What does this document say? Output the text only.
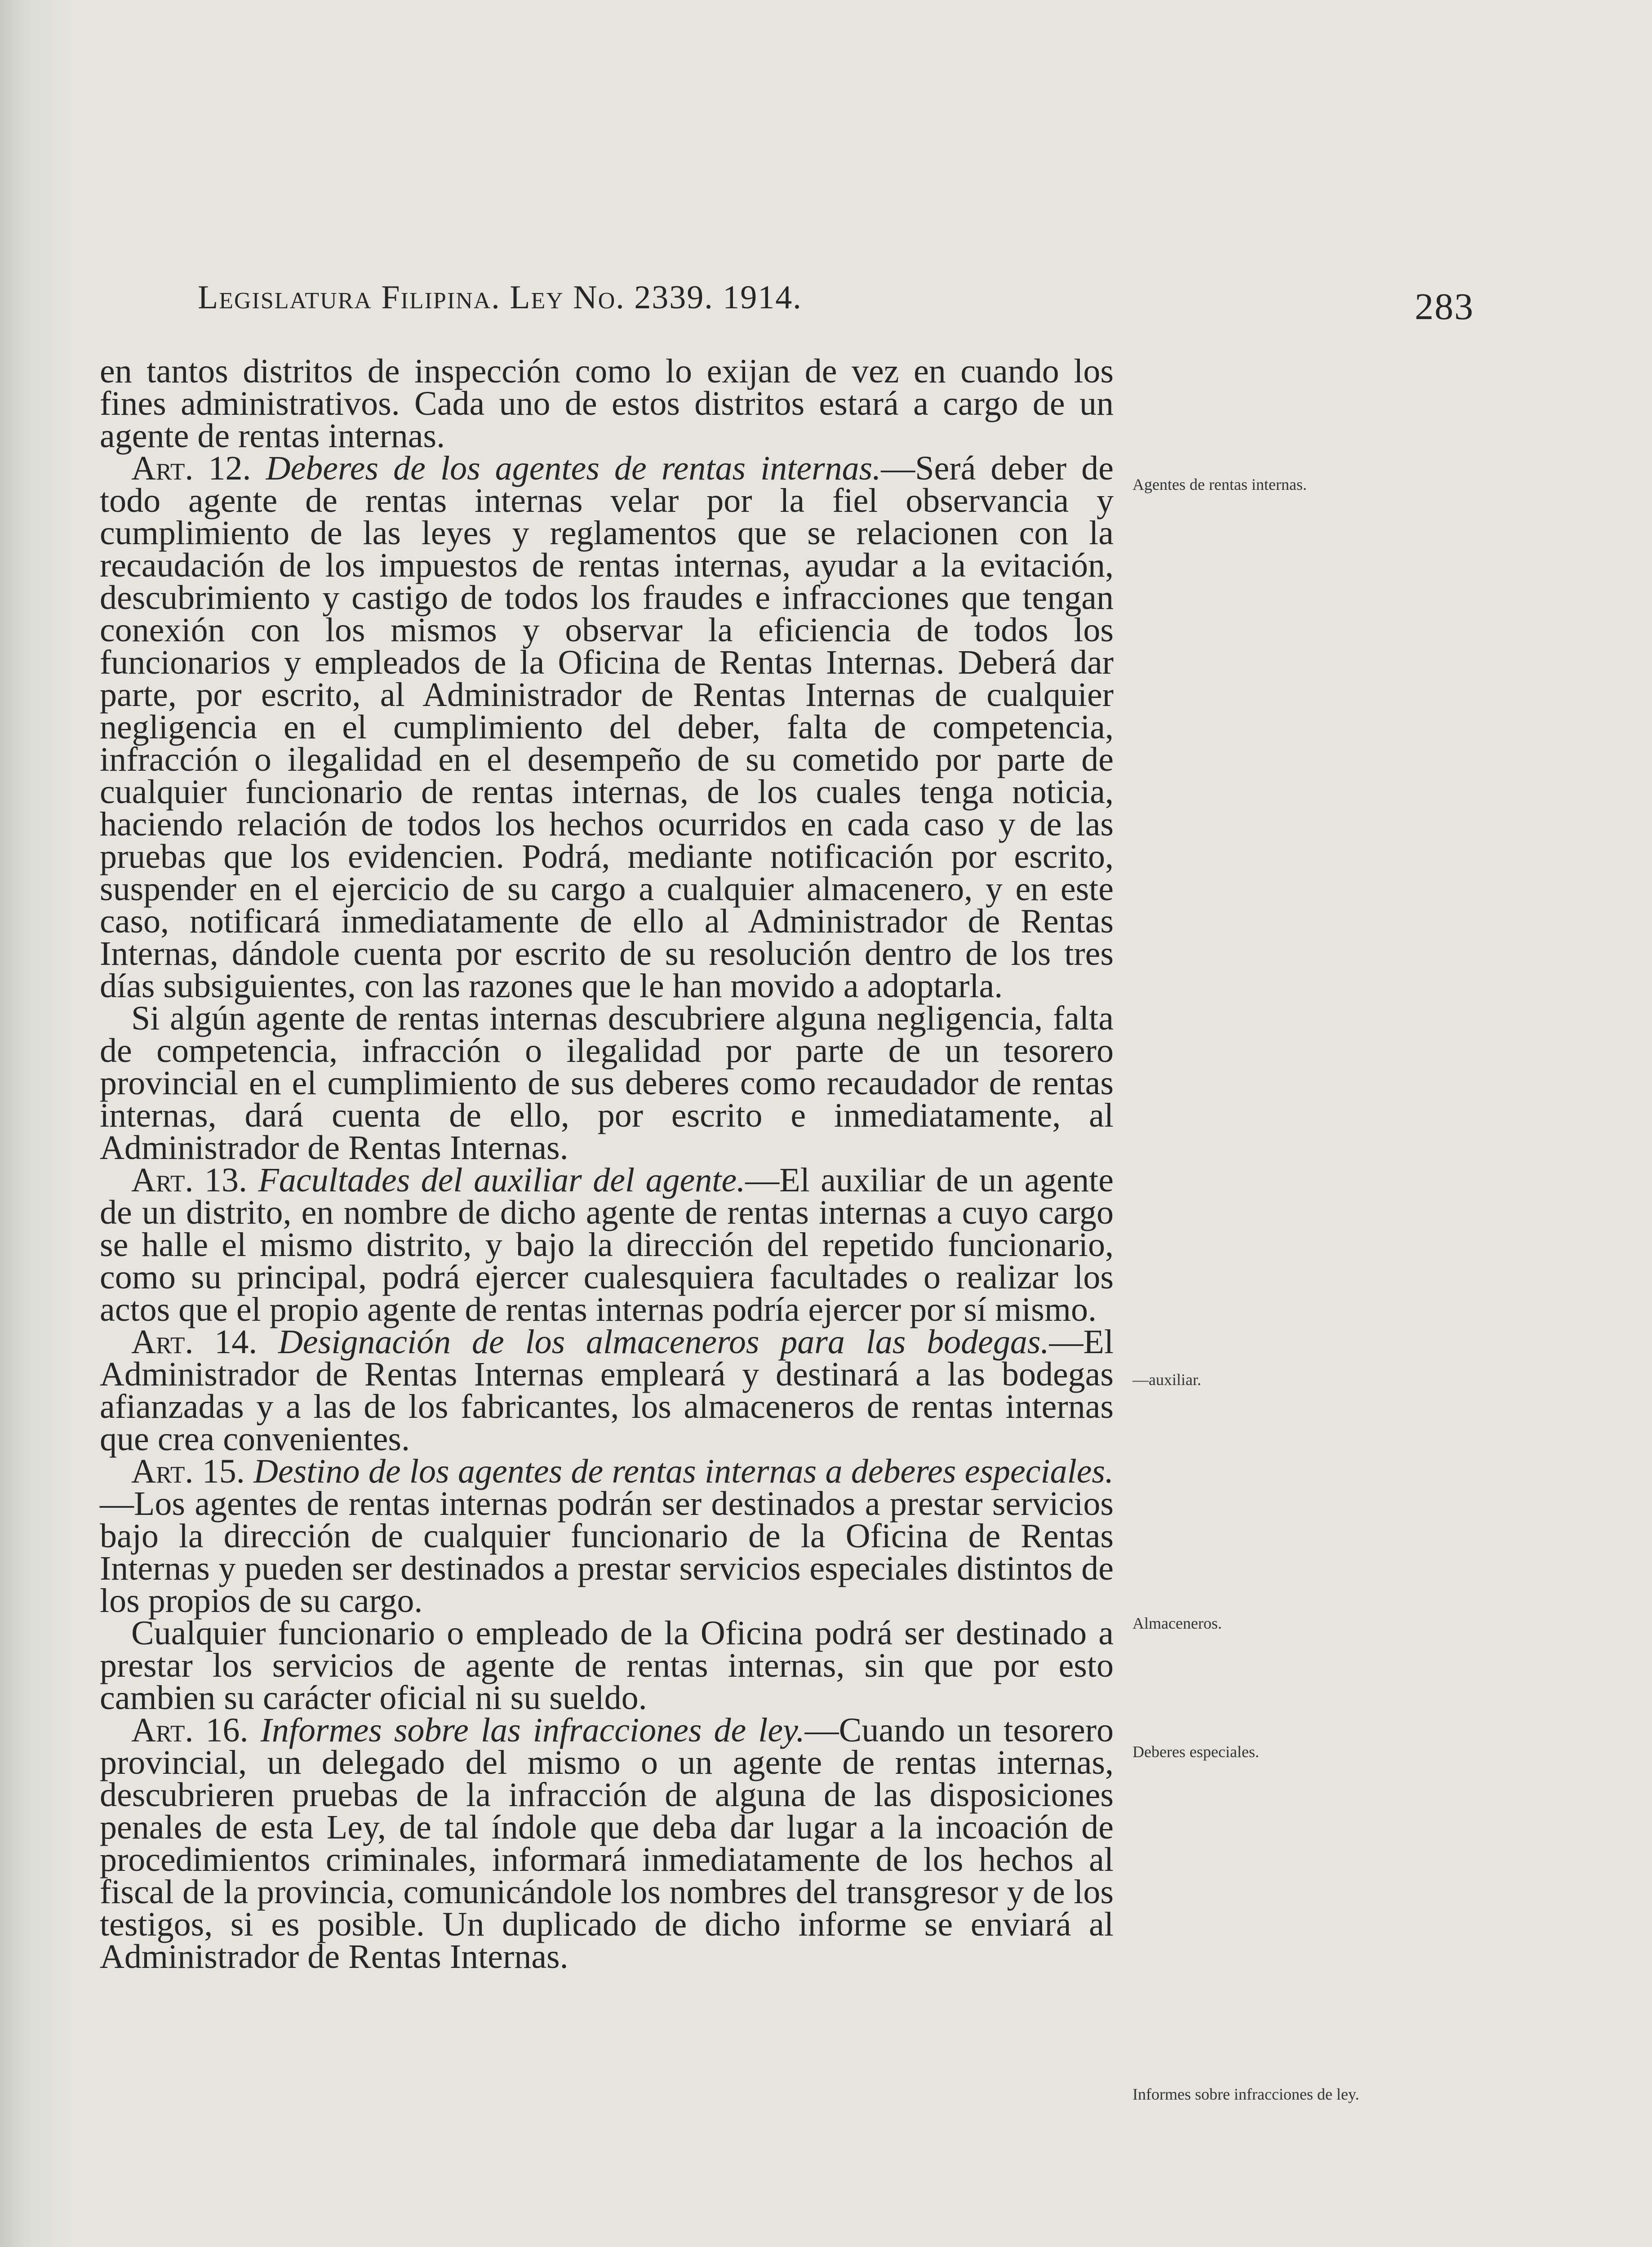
Legislatura Filipina. Ley No. 2339. 1914.	283

en tantos distritos de inspección como lo exijan de vez en cuando los fines administrativos. Cada uno de estos distritos estará a cargo de un agente de rentas internas.

Art. 12. Deberes de los agentes de rentas internas.—Será deber de todo agente de rentas internas velar por la fiel observancia y cumplimiento de las leyes y reglamentos que se relacionen con la recaudación de los impuestos de rentas internas, ayudar a la evitación, descubrimiento y castigo de todos los fraudes e infracciones que tengan conexión con los mismos y observar la eficiencia de todos los funcionarios y empleados de la Oficina de Rentas Internas. Deberá dar parte, por escrito, al Administrador de Rentas Internas de cualquier negligencia en el cumplimiento del deber, falta de competencia, infracción o ilegalidad en el desempeño de su cometido por parte de cualquier funcionario de rentas internas, de los cuales tenga noticia, haciendo relación de todos los hechos ocurridos en cada caso y de las pruebas que los evidencien. Podrá, mediante notificación por escrito, suspender en el ejercicio de su cargo a cualquier almacenero, y en este caso, notificará inmediatamente de ello al Administrador de Rentas Internas, dándole cuenta por escrito de su resolución dentro de los tres días subsiguientes, con las razones que le han movido a adoptarla.

Si algún agente de rentas internas descubriere alguna negligencia, falta de competencia, infracción o ilegalidad por parte de un tesorero provincial en el cumplimiento de sus deberes como recaudador de rentas internas, dará cuenta de ello, por escrito e inmediatamente, al Administrador de Rentas Internas.

Art. 13. Facultades del auxiliar del agente.—El auxiliar de un agente de un distrito, en nombre de dicho agente de rentas internas a cuyo cargo se halle el mismo distrito, y bajo la dirección del repetido funcionario, como su principal, podrá ejercer cualesquiera facultades o realizar los actos que el propio agente de rentas internas podría ejercer por sí mismo.

Art. 14. Designación de los almaceneros para las bodegas.—El Administrador de Rentas Internas empleará y destinará a las bodegas afianzadas y a las de los fabricantes, los almaceneros de rentas internas que crea convenientes.

Art. 15. Destino de los agentes de rentas internas a deberes especiales.—Los agentes de rentas internas podrán ser destinados a prestar servicios bajo la dirección de cualquier funcionario de la Oficina de Rentas Internas y pueden ser destinados a prestar servicios especiales distintos de los propios de su cargo.

Cualquier funcionario o empleado de la Oficina podrá ser destinado a prestar los servicios de agente de rentas internas, sin que por esto cambien su carácter oficial ni su sueldo.

Art. 16. Informes sobre las infracciones de ley.—Cuando un tesorero provincial, un delegado del mismo o un agente de rentas internas, descubrieren pruebas de la infracción de alguna de las disposiciones penales de esta Ley, de tal índole que deba dar lugar a la incoación de procedimientos criminales, informará inmediatamente de los hechos al fiscal de la provincia, comunicándole los nombres del transgresor y de los testigos, si es posible. Un duplicado de dicho informe se enviará al Administrador de Rentas Internas.

Agentes de rentas internas.
—auxiliar.
Almaceneros.
Deberes especiales.
Informes sobre infracciones de ley.
